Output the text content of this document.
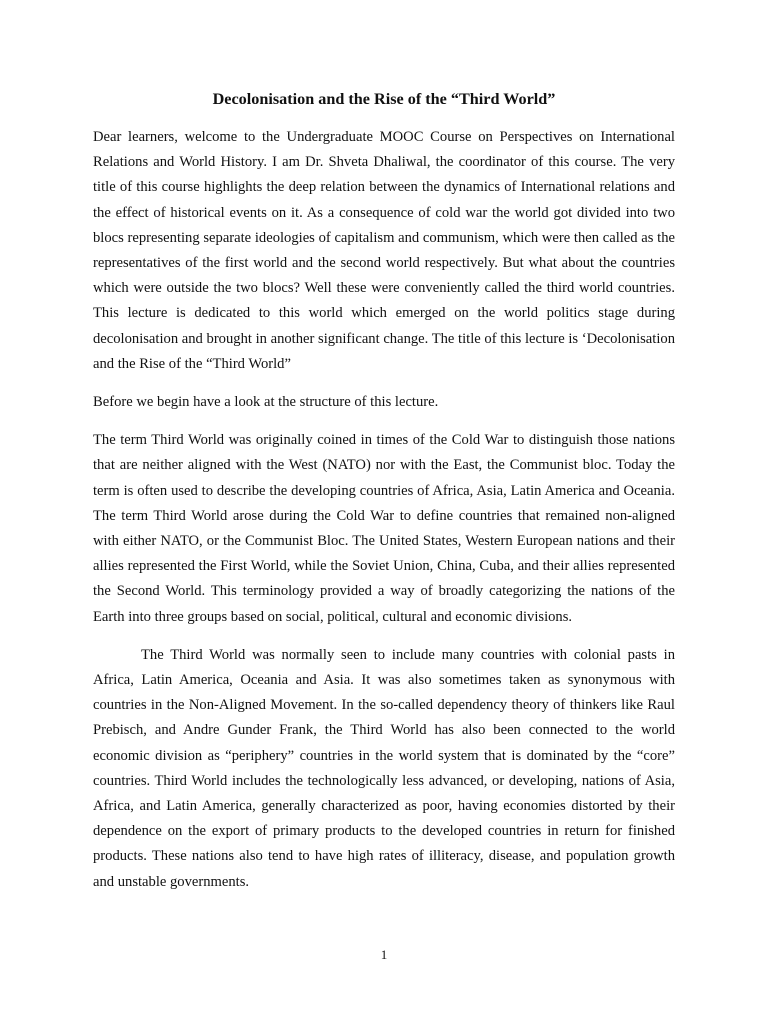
Decolonisation and the Rise of the “Third World”

Dear learners, welcome to the Undergraduate MOOC Course on Perspectives on International Relations and World History. I am Dr. Shveta Dhaliwal, the coordinator of this course. The very title of this course highlights the deep relation between the dynamics of International relations and the effect of historical events on it. As a consequence of cold war the world got divided into two blocs representing separate ideologies of capitalism and communism, which were then called as the representatives of the first world and the second world respectively. But what about the countries which were outside the two blocs? Well these were conveniently called the third world countries. This lecture is dedicated to this world which emerged on the world politics stage during decolonisation and brought in another significant change. The title of this lecture is ‘Decolonisation and the Rise of the “Third World”

Before we begin have a look at the structure of this lecture.

The term Third World was originally coined in times of the Cold War to distinguish those nations that are neither aligned with the West (NATO) nor with the East, the Communist bloc. Today the term is often used to describe the developing countries of Africa, Asia, Latin America and Oceania. The term Third World arose during the Cold War to define countries that remained non-aligned with either NATO, or the Communist Bloc. The United States, Western European nations and their allies represented the First World, while the Soviet Union, China, Cuba, and their allies represented the Second World. This terminology provided a way of broadly categorizing the nations of the Earth into three groups based on social, political, cultural and economic divisions.

The Third World was normally seen to include many countries with colonial pasts in Africa, Latin America, Oceania and Asia. It was also sometimes taken as synonymous with countries in the Non-Aligned Movement. In the so-called dependency theory of thinkers like Raul Prebisch, and Andre Gunder Frank, the Third World has also been connected to the world economic division as “periphery” countries in the world system that is dominated by the “core” countries. Third World includes the technologically less advanced, or developing, nations of Asia, Africa, and Latin America, generally characterized as poor, having economies distorted by their dependence on the export of primary products to the developed countries in return for finished products. These nations also tend to have high rates of illiteracy, disease, and population growth and unstable governments.

1
